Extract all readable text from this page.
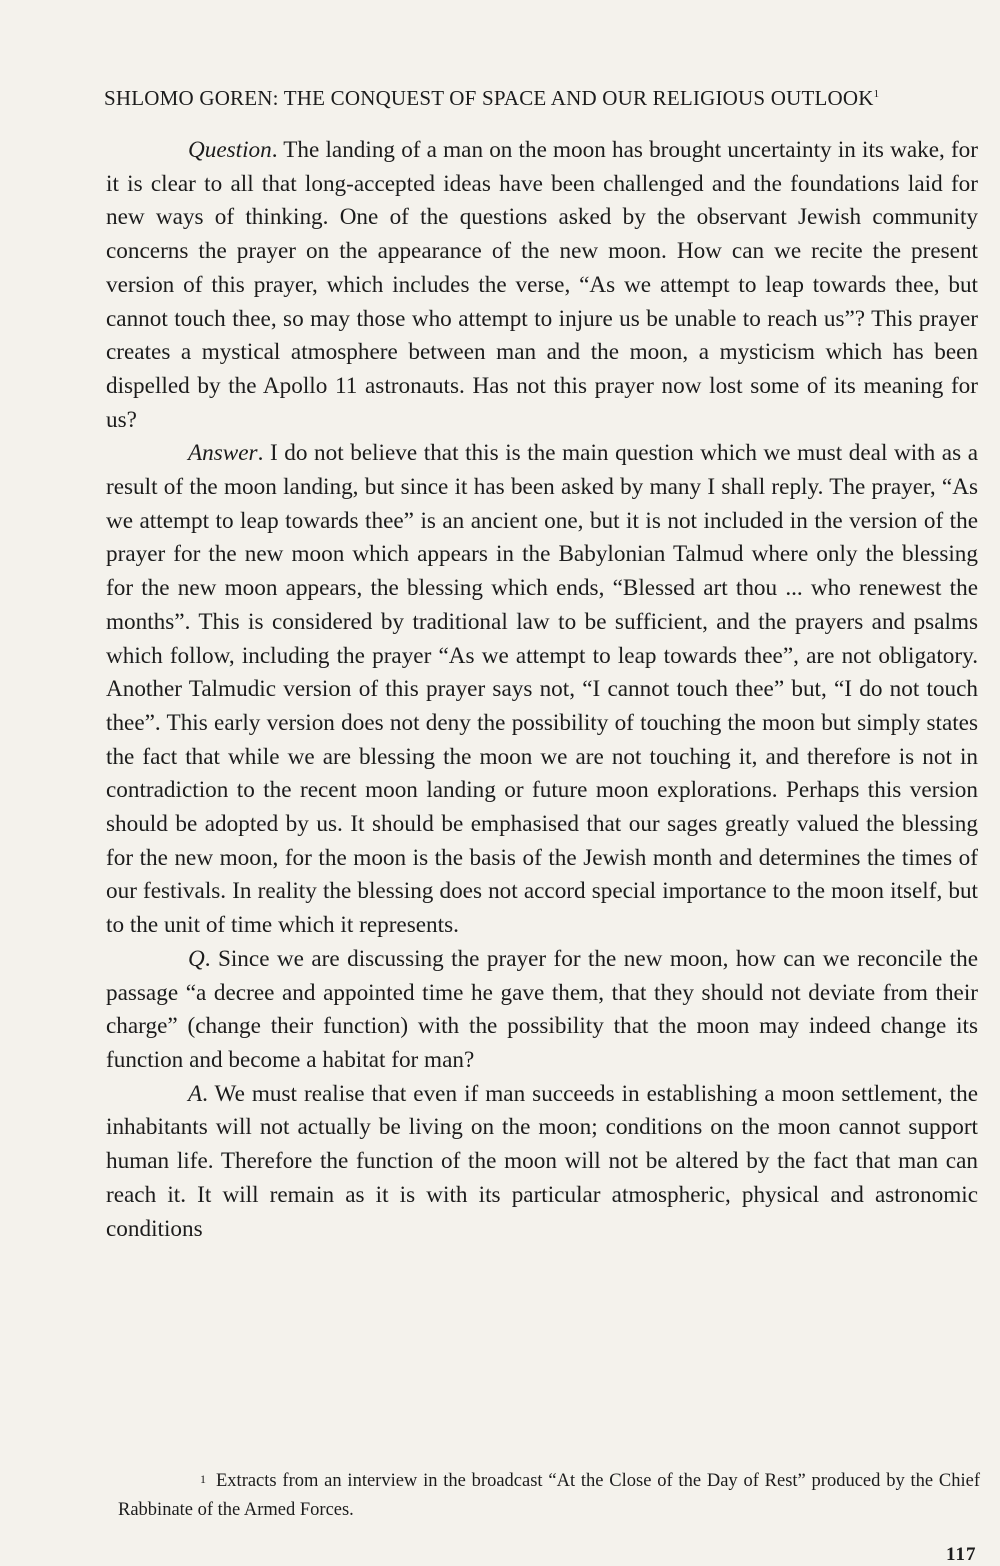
SHLOMO GOREN: THE CONQUEST OF SPACE AND OUR RELIGIOUS OUTLOOK$^1$

Question. The landing of a man on the moon has brought uncertainty in its wake, for it is clear to all that long-accepted ideas have been challenged and the foundations laid for new ways of thinking. One of the questions asked by the observant Jewish community concerns the prayer on the appearance of the new moon. How can we recite the present version of this prayer, which includes the verse, “As we attempt to leap towards thee, but cannot touch thee, so may those who attempt to injure us be unable to reach us”? This prayer creates a mystical atmosphere between man and the moon, a mysticism which has been dispelled by the Apollo 11 astronauts. Has not this prayer now lost some of its meaning for us?

Answer. I do not believe that this is the main question which we must deal with as a result of the moon landing, but since it has been asked by many I shall reply. The prayer, “As we attempt to leap towards thee” is an ancient one, but it is not included in the version of the prayer for the new moon which appears in the Babylonian Talmud where only the blessing for the new moon appears, the blessing which ends, “Blessed art thou ... who renewest the months”. This is considered by traditional law to be sufficient, and the prayers and psalms which follow, including the prayer “As we attempt to leap towards thee”, are not obligatory. Another Talmudic version of this prayer says not, “I cannot touch thee” but, “I do not touch thee”. This early version does not deny the possibility of touching the moon but simply states the fact that while we are blessing the moon we are not touching it, and therefore is not in contradiction to the recent moon landing or future moon explorations. Perhaps this version should be adopted by us. It should be emphasised that our sages greatly valued the blessing for the new moon, for the moon is the basis of the Jewish month and determines the times of our festivals. In reality the blessing does not accord special importance to the moon itself, but to the unit of time which it represents.

Q. Since we are discussing the prayer for the new moon, how can we reconcile the passage “a decree and appointed time he gave them, that they should not deviate from their charge” (change their function) with the possibility that the moon may indeed change its function and become a habitat for man?

A. We must realise that even if man succeeds in establishing a moon settlement, the inhabitants will not actually be living on the moon; conditions on the moon cannot support human life. Therefore the function of the moon will not be altered by the fact that man can reach it. It will remain as it is with its particular atmospheric, physical and astronomic conditions

1 Extracts from an interview in the broadcast “At the Close of the Day of Rest” produced by the Chief Rabbinate of the Armed Forces.

117
